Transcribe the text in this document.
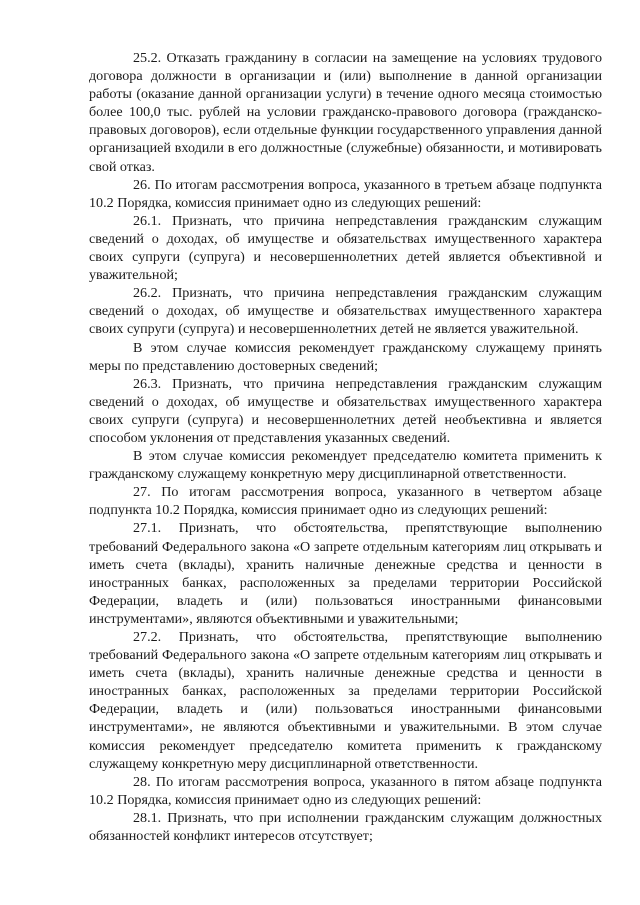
25.2. Отказать гражданину в согласии на замещение на условиях трудового договора должности в организации и (или) выполнение в данной организации работы (оказание данной организации услуги) в течение одного месяца стоимостью более 100,0 тыс. рублей на условии гражданско-правового договора (гражданско-правовых договоров), если отдельные функции государственного управления данной организацией входили в его должностные (служебные) обязанности, и мотивировать свой отказ.

26. По итогам рассмотрения вопроса, указанного в третьем абзаце подпункта 10.2 Порядка, комиссия принимает одно из следующих решений:

26.1. Признать, что причина непредставления гражданским служащим сведений о доходах, об имуществе и обязательствах имущественного характера своих супруги (супруга) и несовершеннолетних детей является объективной и уважительной;

26.2. Признать, что причина непредставления гражданским служащим сведений о доходах, об имуществе и обязательствах имущественного характера своих супруги (супруга) и несовершеннолетних детей не является уважительной.

В этом случае комиссия рекомендует гражданскому служащему принять меры по представлению достоверных сведений;

26.3. Признать, что причина непредставления гражданским служащим сведений о доходах, об имуществе и обязательствах имущественного характера своих супруги (супруга) и несовершеннолетних детей необъективна и является способом уклонения от представления указанных сведений.

В этом случае комиссия рекомендует председателю комитета применить к гражданскому служащему конкретную меру дисциплинарной ответственности.

27. По итогам рассмотрения вопроса, указанного в четвертом абзаце подпункта 10.2 Порядка, комиссия принимает одно из следующих решений:

27.1. Признать, что обстоятельства, препятствующие выполнению требований Федерального закона «О запрете отдельным категориям лиц открывать и иметь счета (вклады), хранить наличные денежные средства и ценности в иностранных банках, расположенных за пределами территории Российской Федерации, владеть и (или) пользоваться иностранными финансовыми инструментами», являются объективными и уважительными;

27.2. Признать, что обстоятельства, препятствующие выполнению требований Федерального закона «О запрете отдельным категориям лиц открывать и иметь счета (вклады), хранить наличные денежные средства и ценности в иностранных банках, расположенных за пределами территории Российской Федерации, владеть и (или) пользоваться иностранными финансовыми инструментами», не являются объективными и уважительными. В этом случае комиссия рекомендует председателю комитета применить к гражданскому служащему конкретную меру дисциплинарной ответственности.

28. По итогам рассмотрения вопроса, указанного в пятом абзаце подпункта 10.2 Порядка, комиссия принимает одно из следующих решений:

28.1. Признать, что при исполнении гражданским служащим должностных обязанностей конфликт интересов отсутствует;
